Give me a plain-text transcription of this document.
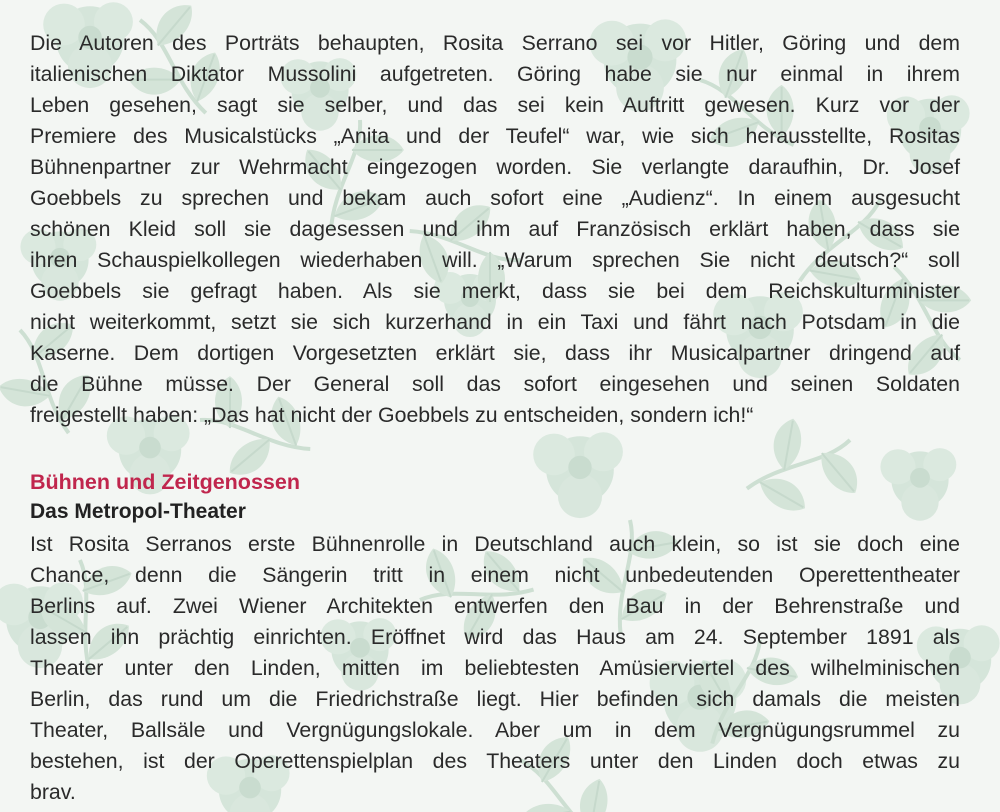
Die Autoren des Porträts behaupten, Rosita Serrano sei vor Hitler, Göring und dem
italienischen Diktator Mussolini aufgetreten. Göring habe sie nur einmal in ihrem
Leben gesehen, sagt sie selber, und das sei kein Auftritt gewesen. Kurz vor der
Premiere des Musicalstücks „Anita und der Teufel“ war, wie sich herausstellte, Rositas
Bühnenpartner zur Wehrmacht eingezogen worden. Sie verlangte daraufhin, Dr. Josef
Goebbels zu sprechen und bekam auch sofort eine „Audienz“. In einem ausgesucht
schönen Kleid soll sie dagesessen und ihm auf Französisch erklärt haben, dass sie
ihren Schauspielkollegen wiederhaben will. „Warum sprechen Sie nicht deutsch?“ soll
Goebbels sie gefragt haben. Als sie merkt, dass sie bei dem Reichskulturminister
nicht weiterkommt, setzt sie sich kurzerhand in ein Taxi und fährt nach Potsdam in die
Kaserne. Dem dortigen Vorgesetzten erklärt sie, dass ihr Musicalpartner dringend auf
die Bühne müsse. Der General soll das sofort eingesehen und seinen Soldaten
freigestellt haben: „Das hat nicht der Goebbels zu entscheiden, sondern ich!“
Bühnen und Zeitgenossen
Das Metropol-Theater
Ist Rosita Serranos erste Bühnenrolle in Deutschland auch klein, so ist sie doch eine
Chance, denn die Sängerin tritt in einem nicht unbedeutenden Operettentheater
Berlins auf. Zwei Wiener Architekten entwerfen den Bau in der Behrenstraße und
lassen ihn prächtig einrichten. Eröffnet wird das Haus am 24. September 1891 als
Theater unter den Linden, mitten im beliebtesten Amüsierviertel des wilhelminischen
Berlin, das rund um die Friedrichstraße liegt. Hier befinden sich damals die meisten
Theater, Ballsäle und Vergnügungslokale. Aber um in dem Vergnügungsrummel zu
bestehen, ist der Operettenspielplan des Theaters unter den Linden doch etwas zu
brav.
